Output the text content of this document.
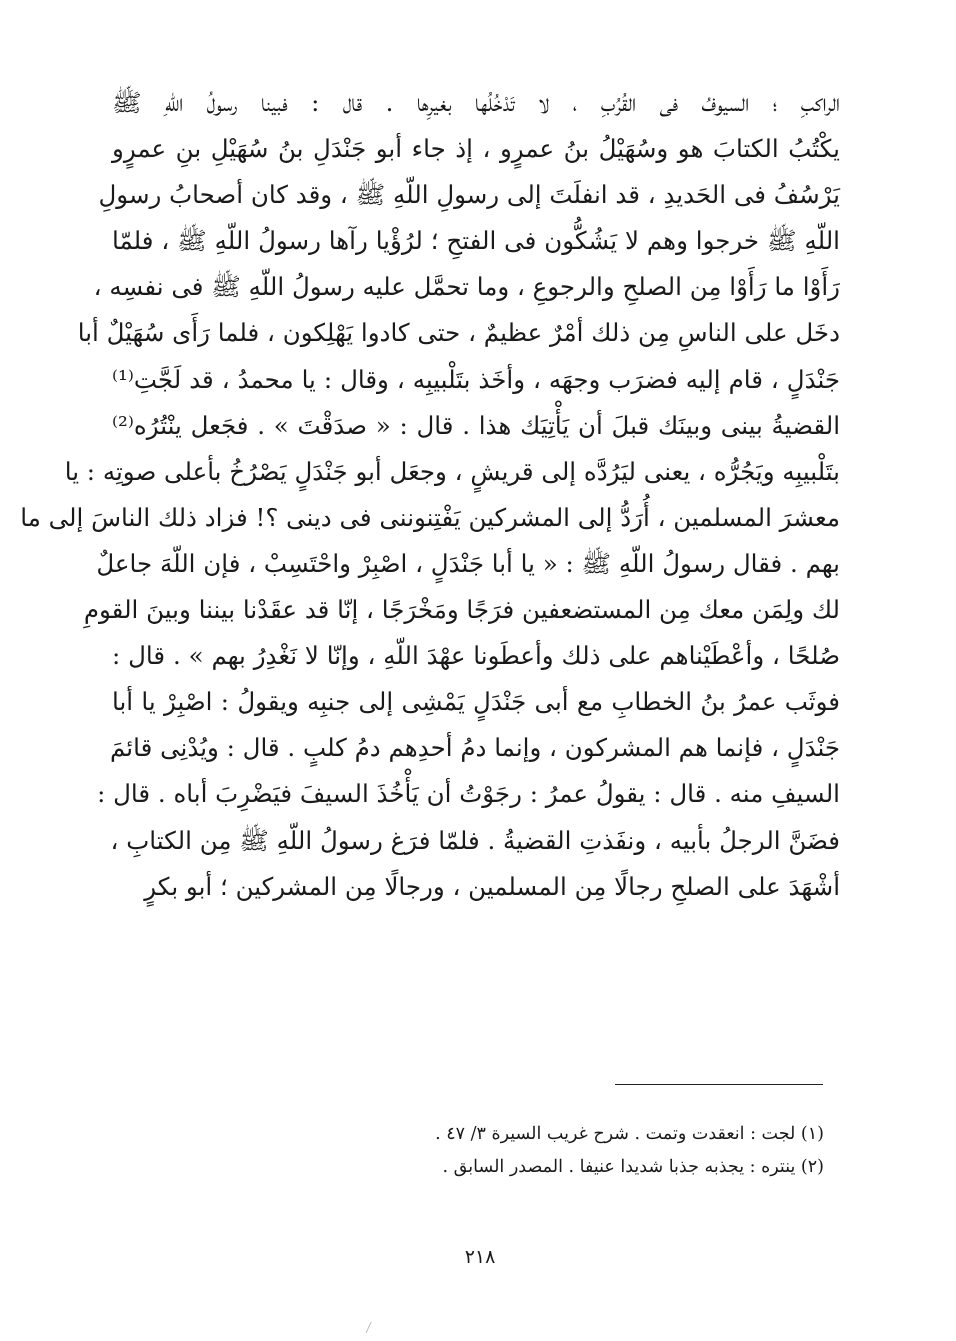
الراكبِ ؛ السيوفُ فى القُرُبِ ، لا تَدْخُلُها بغيرِها . قال : فبينا رسولُ اللّهِ ﷺ
يكْتُبُ الكتابَ هو وسُهَيْلُ بنُ عمرٍو ، إذ جاء أبو جَنْدَلِ بنُ سُهَيْلِ بنِ عمرٍو
يَرْسُفُ فى الحَديدِ ، قد انفلَتَ إلى رسولِ اللّهِ ﷺ ، وقد كان أصحابُ رسولِ
اللّهِ ﷺ خرجوا وهم لا يَشُكُّون فى الفتحِ ؛ لرُؤْيا رآها رسولُ اللّهِ ﷺ ، فلمّا
رَأَوْا ما رَأَوْا مِن الصلحِ والرجوعِ ، وما تحمَّل عليه رسولُ اللّهِ ﷺ فى نفسِه ،
دخَل على الناسِ مِن ذلك أمْرٌ عظيمٌ ، حتى كادوا يَهْلِكون ، فلما رَأَى سُهَيْلٌ أبا
جَنْدَلٍ ، قام إليه فضرَب وجهَه ، وأخَذ بتَلْبيبِه ، وقال : يا محمدُ ، قد لَجَّتِ⁽¹⁾
القضيةُ بينى وبينَك قبلَ أن يَأْتِيَك هذا . قال : « صدَقْتَ » . فجَعل ينْتُرُه⁽²⁾
بتَلْبيبِه ويَجُرُّه ، يعنى ليَرُدَّه إلى قريشٍ ، وجعَل أبو جَنْدَلٍ يَصْرُخُ بأعلى صوتِه : يا
معشرَ المسلمين ، أُرَدُّ إلى المشركين يَفْتِنوننى فى دينى ؟! فزاد ذلك الناسَ إلى ما
بهم . فقال رسولُ اللّهِ ﷺ : « يا أبا جَنْدَلٍ ، اصْبِرْ واحْتَسِبْ ، فإن اللّهَ جاعلٌ
لك ولِمَن معك مِن المستضعفين فرَجًا ومَخْرَجًا ، إنّا قد عقَدْنا بيننا وبينَ القومِ
صُلحًا ، وأعْطَيْناهم على ذلك وأعطَونا عهْدَ اللّهِ ، وإنّا لا نَغْدِرُ بهم » . قال :
فوثَب عمرُ بنُ الخطابِ مع أبى جَنْدَلٍ يَمْشِى إلى جنبِه ويقولُ : اصْبِرْ يا أبا
جَنْدَلٍ ، فإنما هم المشركون ، وإنما دمُ أحدِهم دمُ كلبٍ . قال : ويُدْنِى قائمَ
السيفِ منه . قال : يقولُ عمرُ : رجَوْتُ أن يَأْخُذَ السيفَ فيَضْرِبَ أباه . قال :
فضَنَّ الرجلُ بأبيه ، ونفَذتِ القضيةُ . فلمّا فرَغ رسولُ اللّهِ ﷺ مِن الكتابِ ،
أشْهَدَ على الصلحِ رجالًا مِن المسلمين ، ورجالًا مِن المشركين ؛ أبو بكرٍ
(١) لجت : انعقدت وتمت . شرح غريب السيرة ٣/ ٤٧ .
(٢) ينتره : يجذبه جذبا شديدا عنيفا . المصدر السابق .
٢١٨
